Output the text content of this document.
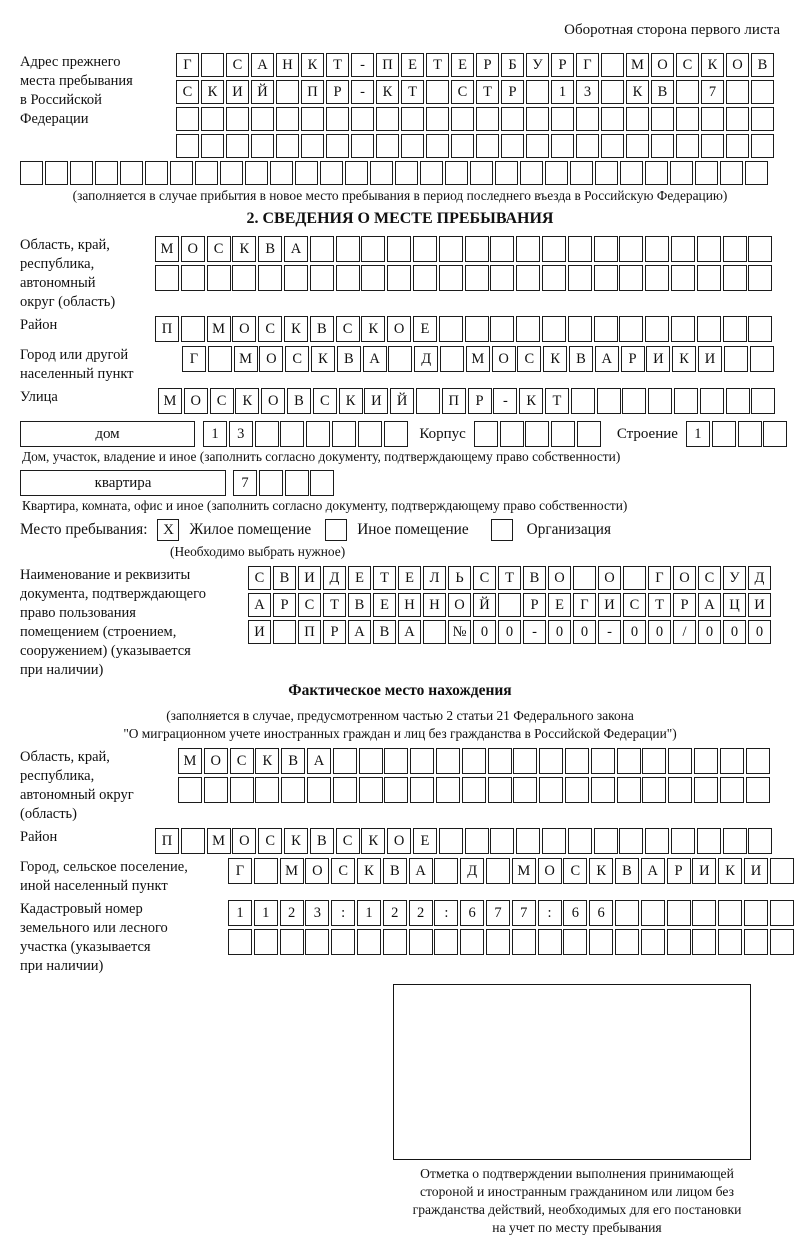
Оборотная сторона первого листа
Адрес прежнего
места пребывания
в Российской
Федерации
Г	С	А	Н	К	Т	-	П	Е	Т	Е	Р	Б	У	Р	Г	М О	С	К	О	В
С	К	И	Й	П	Р	-	К	Т	С	Т	Р	1	3	К	В	7
(заполняется в случае прибытия в новое место пребывания в период последнего въезда в Российскую Федерацию)
2. СВЕДЕНИЯ О МЕСТЕ ПРЕБЫВАНИЯ
Область, край,
республика,
автономный
округ (область)
М О	С	К	В	А
Район	П	М О	С	К	В	С	К	О	Е
Город или другой
населенный пункт
Г	М О	С	К	В	А	Д	М О	С	К	В	А	Р	И	К	И
Улица	М О	С	К	О	В	С	К	И	Й	П	Р	-	К	Т
дом	1	3	Корпус	Строение	1
Дом, участок, владение и иное (заполнить согласно документу, подтверждающему право собственности)
квартира	7
Квартира, комната, офис и иное (заполнить согласно документу, подтверждающему право собственности)
Место пребывания:	X	Жилое помещение	Иное помещение	Организация
(Необходимо выбрать нужное)
Наименование и реквизиты
документа, подтверждающего
право пользования
помещением (строением,
сооружением) (указывается
при наличии)
С	В	И	Д	Е	Т	Е	Л	Ь	С	Т	В	О	О	Г	О	С	У	Д
А	Р	С	Т	В	Е	Н	Н	О	Й	Р	Е	Г	И	С	Т	Р	А	Ц	И
И	П	Р	А	В	А	№ 0	0	-	0	0	-	0	0	/	0	0	0
Фактическое место нахождения
(заполняется в случае, предусмотренном частью 2 статьи 21 Федерального закона
"О миграционном учете иностранных граждан и лиц без гражданства в Российской Федерации")
Область, край,
республика,
автономный округ
(область)
М О	С	К	В	А
Район	П	М О	С	К	В	С	К	О	Е
Город, сельское поселение,
иной населенный пункт
Г	М О	С	К	В	А	Д	М О	С	К	В	А	Р	И	К	И
Кадастровый номер
земельного или лесного
участка (указывается
при наличии)
1	1	2	3	:	1	2	2	:	6	7	7	:	6	6
Отметка о подтверждении выполнения принимающей
стороной и иностранным гражданином или лицом без
гражданства действий, необходимых для его постановки
на учет по месту пребывания
